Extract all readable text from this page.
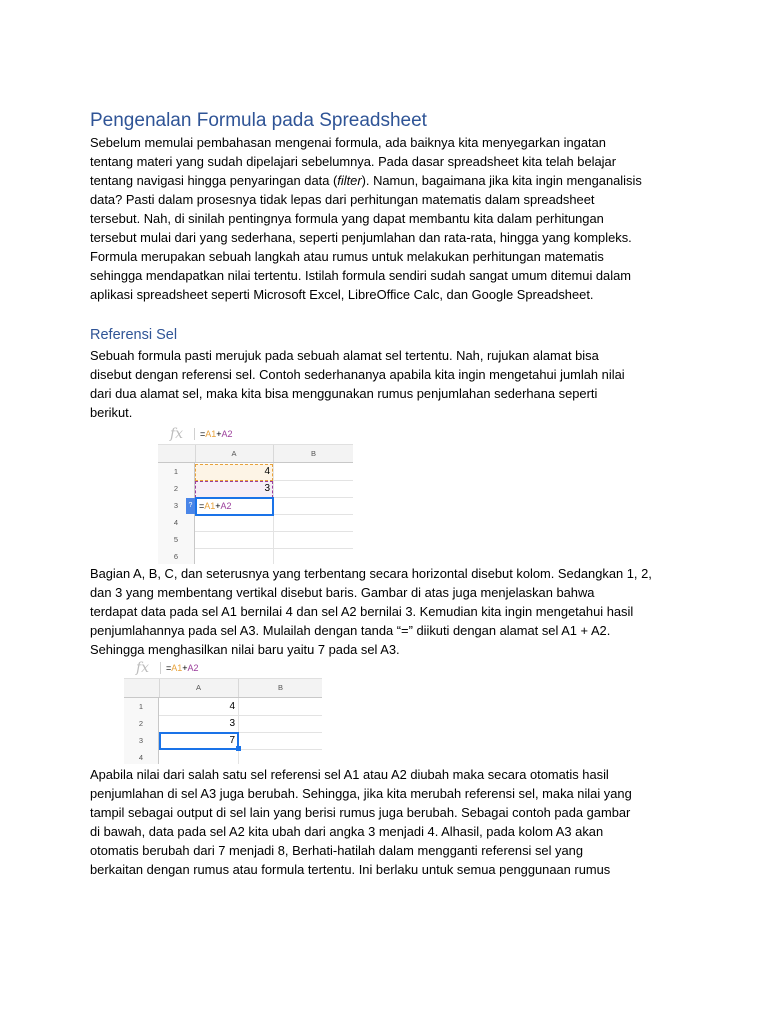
Pengenalan Formula pada Spreadsheet
Sebelum memulai pembahasan mengenai formula, ada baiknya kita menyegarkan ingatan
tentang materi yang sudah dipelajari sebelumnya. Pada dasar spreadsheet kita telah belajar
tentang navigasi hingga penyaringan data (filter). Namun, bagaimana jika kita ingin menganalisis
data? Pasti dalam prosesnya tidak lepas dari perhitungan matematis dalam spreadsheet
tersebut. Nah, di sinilah pentingnya formula yang dapat membantu kita dalam perhitungan
tersebut mulai dari yang sederhana, seperti penjumlahan dan rata-rata, hingga yang kompleks.
Formula merupakan sebuah langkah atau rumus untuk melakukan perhitungan matematis
sehingga mendapatkan nilai tertentu. Istilah formula sendiri sudah sangat umum ditemui dalam
aplikasi spreadsheet seperti Microsoft Excel, LibreOffice Calc, dan Google Spreadsheet.
Referensi Sel
Sebuah formula pasti merujuk pada sebuah alamat sel tertentu. Nah, rujukan alamat bisa
disebut dengan referensi sel. Contoh sederhananya apabila kita ingin mengetahui jumlah nilai
dari dua alamat sel, maka kita bisa menggunakan rumus penjumlahan sederhana seperti
berikut.
fx =A1+A2
A	B
1
2
3
4
5
6
4
3
? =A1+A2
Bagian A, B, C, dan seterusnya yang terbentang secara horizontal disebut kolom. Sedangkan 1, 2,
dan 3 yang membentang vertikal disebut baris. Gambar di atas juga menjelaskan bahwa
terdapat data pada sel A1 bernilai 4 dan sel A2 bernilai 3. Kemudian kita ingin mengetahui hasil
penjumlahannya pada sel A3. Mulailah dengan tanda “=” diikuti dengan alamat sel A1 + A2.
Sehingga menghasilkan nilai baru yaitu 7 pada sel A3.
fx =A1+A2
A	B
1
2
3
4
4
3
7
Apabila nilai dari salah satu sel referensi sel A1 atau A2 diubah maka secara otomatis hasil
penjumlahan di sel A3 juga berubah. Sehingga, jika kita merubah referensi sel, maka nilai yang
tampil sebagai output di sel lain yang berisi rumus juga berubah. Sebagai contoh pada gambar
di bawah, data pada sel A2 kita ubah dari angka 3 menjadi 4. Alhasil, pada kolom A3 akan
otomatis berubah dari 7 menjadi 8, Berhati-hatilah dalam mengganti referensi sel yang
berkaitan dengan rumus atau formula tertentu. Ini berlaku untuk semua penggunaan rumus
